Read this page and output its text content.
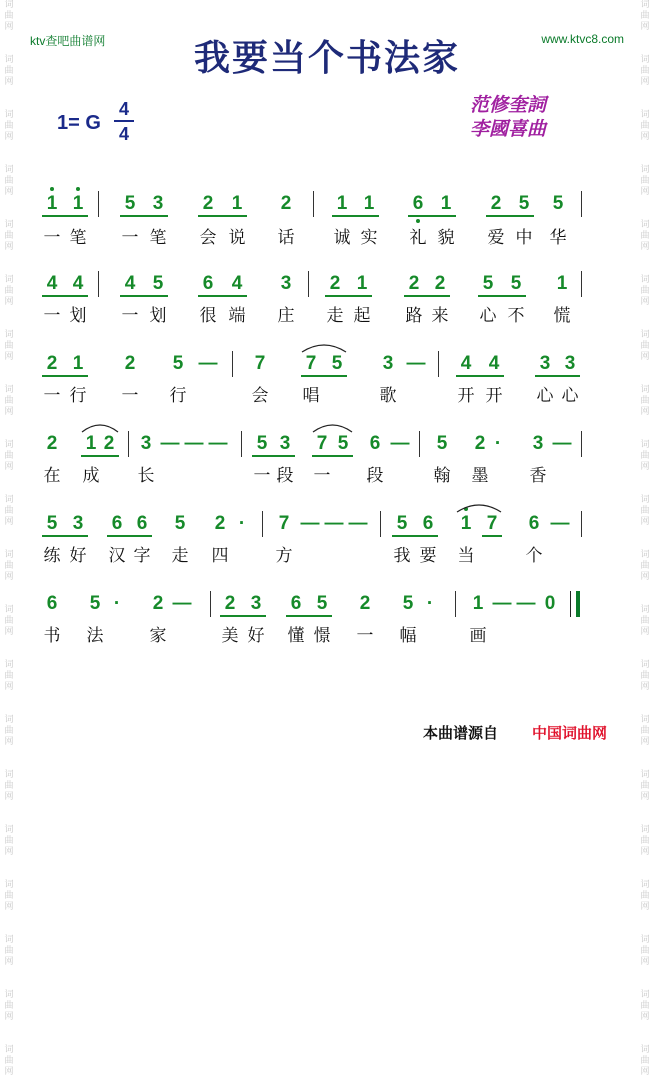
词
曲
网
词
曲
网
词
曲
网
词
曲
网
词
曲
网
词
曲
网
词
曲
网
词
曲
网
词
曲
网
词
曲
网
词
曲
网
词
曲
网
词
曲
网
词
曲
网
词
曲
网
词
曲
网
词
曲
网
词
曲
网
词
曲
网
词
曲
网
词
曲
网
词
曲
网
词
曲
网
词
曲
网
词
曲
网
词
曲
网
词
曲
网
词
曲
网
词
曲
网
词
曲
网
词
曲
网
词
曲
网
词
曲
网
词
曲
网
词
曲
网
词
曲
网
词
曲
网
词
曲
网
词
曲
网
词
曲
网
ktv查吧曲谱网	www.ktvc8.com
我要当个书法家
1= G $\frac{4}{4}$	范修奎詞
李國喜曲
1 1 5 3 2 1 2 1 1 6 1 2 5 5
一 笔 一 笔 会 说 话 诚 实 礼 貌 爱 中 华
4 4 4 5 6 4 3 2 1 2 2 5 5 1
一 划 一 划 很 端 庄 走 起 路 来 心 不 慌
2 1 2 5 — 7 7 5 3 — 4 4 3 3
一 行 一 行	会 唱	歌	开 开 心 心
2 1 2 3 — — — 5 3 7 5 6 — 5 2 · 3 —
在 成 长	一 段 一 段	翰 墨 香
5 3 6 6 5 2 · 7 — — — 5 6 1 7 6 —
练 好 汉 字 走 四	方	我 要 当	个
6 5 · 2 — 2 3 6 5 2 5 · 1 — — 0
书 法	家	美 好 懂 憬 一 幅	画
本曲谱源自 中国词曲网
